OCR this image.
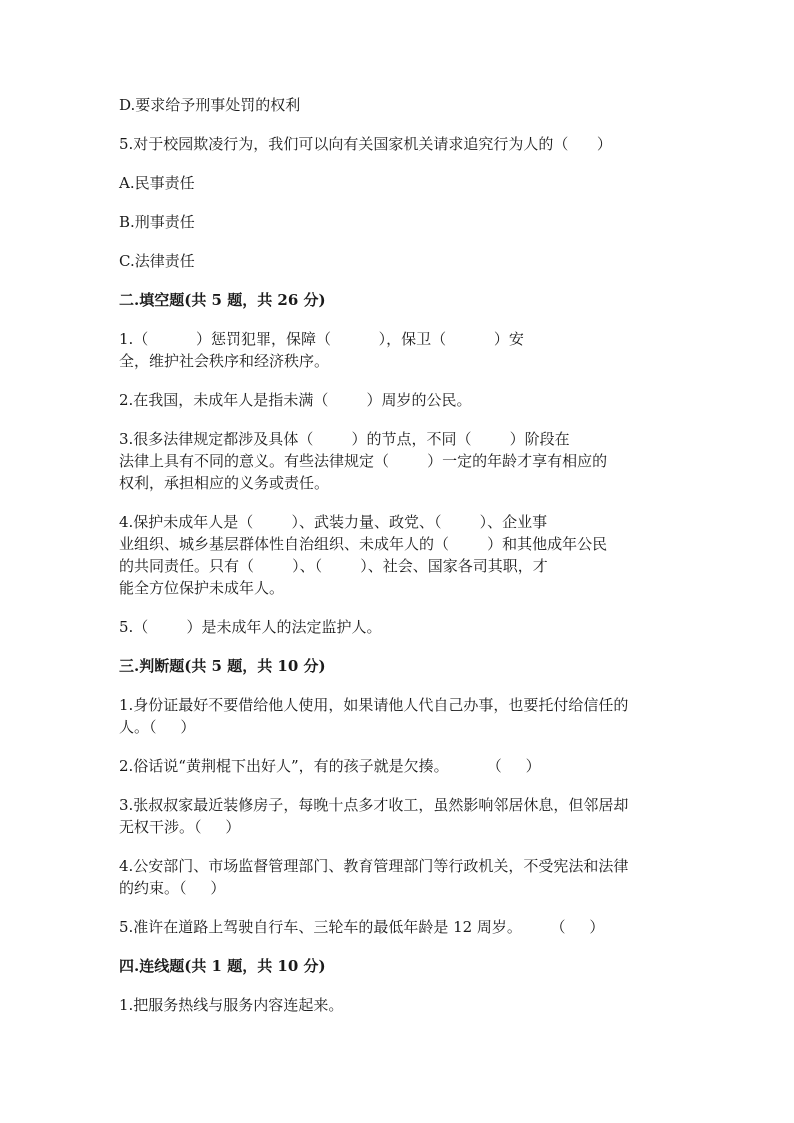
D.要求给予刑事处罚的权利
5.对于校园欺凌行为，我们可以向有关国家机关请求追究行为人的（      ）
A.民事责任
B.刑事责任
C.法律责任
二.填空题(共 5 题，共 26 分)
1.（          ）惩罚犯罪，保障（          ），保卫（          ）安
全，维护社会秩序和经济秩序。
2.在我国，未成年人是指未满（        ）周岁的公民。
3.很多法律规定都涉及具体（        ）的节点，不同（        ）阶段在
法律上具有不同的意义。有些法律规定（        ）一定的年龄才享有相应的
权利，承担相应的义务或责任。
4.保护未成年人是（        ）、武装力量、政党、（        ）、企业事
业组织、城乡基层群体性自治组织、未成年人的（        ）和其他成年公民
的共同责任。只有（        ）、（        ）、社会、国家各司其职，才
能全方位保护未成年人。
5.（        ）是未成年人的法定监护人。
三.判断题(共 5 题，共 10 分)
1.身份证最好不要借给他人使用，如果请他人代自己办事，也要托付给信任的
人。（     ）
2.俗话说“黄荆棍下出好人”，有的孩子就是欠揍。        （     ）
3.张叔叔家最近装修房子，每晚十点多才收工，虽然影响邻居休息，但邻居却
无权干涉。（     ）
4.公安部门、市场监督管理部门、教育管理部门等行政机关，不受宪法和法律
的约束。（     ）
5.准许在道路上驾驶自行车、三轮车的最低年龄是 12 周岁。      （     ）
四.连线题(共 1 题，共 10 分)
1.把服务热线与服务内容连起来。
